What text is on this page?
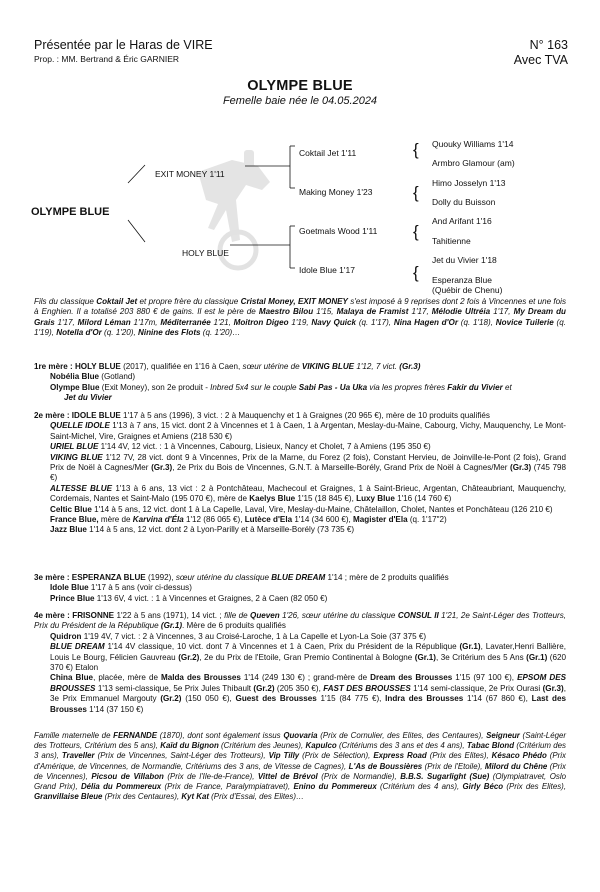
Présentée par le Haras de VIRE
Prop. : MM. Bertrand & Éric GARNIER
N° 163
Avec TVA
OLYMPE BLUE
Femelle baie née le 04.05.2024
{
{
{
{
OLYMPE BLUE
EXIT MONEY 1'11
HOLY BLUE
Coktail Jet 1'11
Making Money 1'23
Goetmals Wood 1'11
Idole Blue 1'17
Quouky Williams 1'14
Armbro Glamour (am)
Himo Josselyn 1'13
Dolly du Buisson
And Arifant 1'16
Tahitienne
Jet du Vivier 1'18
Esperanza Blue
(Québir de Chenu)

Fils du classique Coktail Jet et propre frère du classique Cristal Money, EXIT MONEY s'est imposé à 9 reprises dont 2 fois à Vincennes et une fois à Enghien. Il a totalisé 203 880 € de gains. Il est le père de Maestro Bilou 1'15, Malaya de Framist 1'17, Mélodie Ultréia 1'17, My Dream du Grais 1'17, Milord Léman 1'17m, Méditerranée 1'21, Moitron Digeo 1'19, Navy Quick (q. 1'17), Nina Hagen d'Or (q. 1'18), Novice Tuilerie (q. 1'19), Notella d'Or (q. 1'20), Ninine des Flots (q. 1'20)…

1re mère : HOLY BLUE (2017), qualifiée en 1'16 à Caen, sœur utérine de VIKING BLUE 1'12, 7 vict. (Gr.3)

Nobélia Blue (Gotland)

Olympe Blue (Exit Money), son 2e produit - Inbred 5x4 sur le couple Sabi Pas - Ua Uka via les propres frères Fakir du Vivier et

Jet du Vivier

2e mère : IDOLE BLUE 1'17 à 5 ans (1996), 3 vict. : 2 à Mauquenchy et 1 à Graignes (20 965 €), mère de 10 produits qualifiés

QUELLE IDOLE 1'13 à 7 ans, 15 vict. dont 2 à Vincennes et 1 à Caen, 1 à Argentan, Meslay-du-Maine, Cabourg, Vichy, Mauquenchy, Le Mont- Saint-Michel, Vire, Graignes et Amiens (218 530 €)

URIEL BLUE 1'14 4V, 12 vict. : 1 à Vincennes, Cabourg, Lisieux, Nancy et Cholet, 7 à Amiens (195 350 €)

VIKING BLUE 1'12 7V, 28 vict. dont 9 à Vincennes, Prix de la Marne, du Forez (2 fois), Constant Hervieu, de Joinville-le-Pont (2 fois), Grand Prix de Noël à Cagnes/Mer (Gr.3), 2e Prix du Bois de Vincennes, G.N.T. à Marseille-Borély, Grand Prix de Noël à Cagnes/Mer (Gr.3) (745 798 €)

ALTESSE BLUE 1'13 à 6 ans, 13 vict : 2 à Pontchâteau, Machecoul et Graignes, 1 à Saint-Brieuc, Argentan, Châteaubriant, Mauquenchy, Cordemais, Nantes et Saint-Malo (195 070 €), mère de Kaelys Blue 1'15 (18 845 €), Luxy Blue 1'16 (14 760 €)

Celtic Blue 1'14 à 5 ans, 12 vict. dont 1 à La Capelle, Laval, Vire, Meslay-du-Maine, Châtelaillon, Cholet, Nantes et Ponchâteau (126 210 €)

France Blue, mère de Karvina d'Éla 1'12 (86 065 €), Lutèce d'Ela 1'14 (34 600 €), Magister d'Ela (q. 1'17"2)

Jazz Blue 1'14 à 5 ans, 12 vict. dont 2 à Lyon-Parilly et à Marseille-Borély (73 735 €)

3e mère : ESPERANZA BLUE (1992), sœur utérine du classique BLUE DREAM 1'14 ; mère de 2 produits qualifiés

Idole Blue 1'17 à 5 ans (voir ci-dessus)

Prince Blue 1'13 6V, 4 vict. : 1 à Vincennes et Graignes, 2 à Caen (82 050 €)

4e mère : FRISONNE 1'22 à 5 ans (1971), 14 vict. ; fille de Queven 1'26, sœur utérine du classique CONSUL II 1'21, 2e Saint-Léger des Trotteurs, Prix du Président de la République (Gr.1). Mère de 6 produits qualifiés

Quidron 1'19 4V, 7 vict. : 2 à Vincennes, 3 au Croisé-Laroche, 1 à La Capelle et Lyon-La Soie (37 375 €)

BLUE DREAM 1'14 4V classique, 10 vict. dont 7 à Vincennes et 1 à Caen, Prix du Président de la République (Gr.1), Lavater,Henri Ballière, Louis Le Bourg, Félicien Gauvreau (Gr.2), 2e du Prix de l'Etoile, Gran Premio Continental à Bologne (Gr.1), 3e Critérium des 5 Ans (Gr.1) (620 370 €) Etalon

China Blue, placée, mère de Malda des Brousses 1'14 (249 130 €) ; grand-mère de Dream des Brousses 1'15 (97 100 €), EPSOM DES BROUSSES 1'13 semi-classique, 5e Prix Jules Thibault (Gr.2) (205 350 €), FAST DES BROUSSES 1'14 semi-classique, 2e Prix Ourasi (Gr.3), 3e Prix Emmanuel Margouty (Gr.2) (150 050 €), Guest des Brousses 1'15 (84 775 €), Indra des Brousses 1'14 (67 860 €), Last des Brousses 1'14 (37 150 €)

Famille maternelle de FERNANDE (1870), dont sont également issus Quovaria (Prix de Cornulier, des Elites, des Centaures), Seigneur (Saint-Léger des Trotteurs, Critérium des 5 ans), Kaïd du Bignon (Critérium des Jeunes), Kapulco (Critériums des 3 ans et des 4 ans), Tabac Blond (Critérium des 3 ans), Traveller (Prix de Vincennes, Saint-Léger des Trotteurs), Vip Tilly (Prix de Sélection), Express Road (Prix des Elites), Késaco Phédo (Prix d'Amérique, de Vincennes, de Normandie, Critériums des 3 ans, de Vitesse de Cagnes), L'As de Boussières (Prix de l'Etoile), Milord du Chêne (Prix de Vincennes), Picsou de Villabon (Prix de l'Ile-de-France), Vittel de Brévol (Prix de Normandie), B.B.S. Sugarlight (Sue) (Olympiatravet, Oslo Grand Prix), Délia du Pommereux (Prix de France, Paralympiatravet), Enino du Pommereux (Critérium des 4 ans), Girly Béco (Prix des Elites), Granvillaise Bleue (Prix des Centaures), Kyt Kat (Prix d'Essai, des Elites)…
